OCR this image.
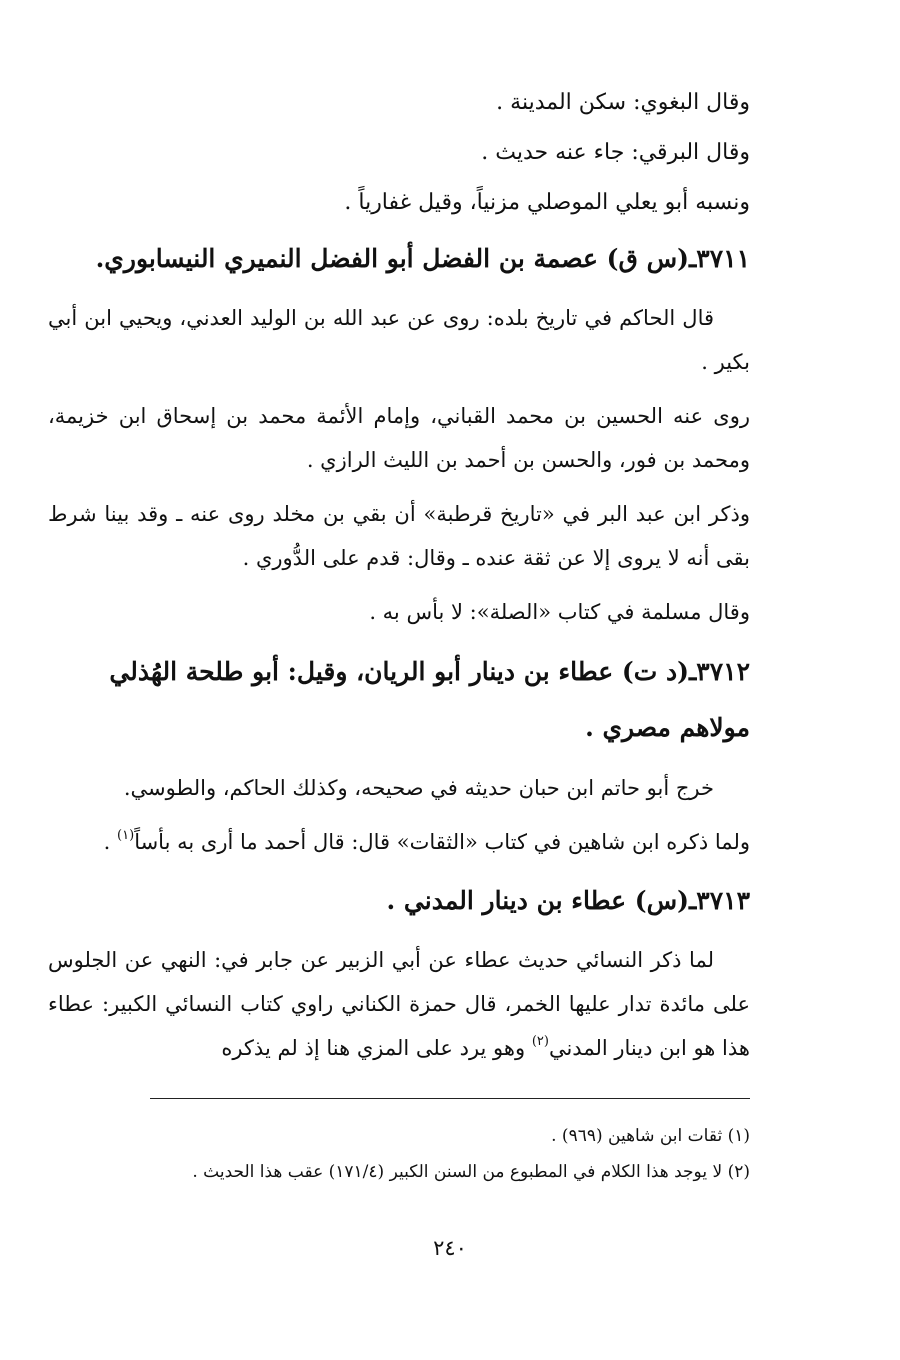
وقال البغوي: سكن المدينة .

وقال البرقي: جاء عنه حديث .

ونسبه أبو يعلي الموصلي مزنياً، وقيل غفارياً .

٣٧١١ـ(س ق) عصمة بن الفضل أبو الفضل النميري النيسابوري.

قال الحاكم في تاريخ بلده: روى عن عبد الله بن الوليد العدني، ويحيي ابن أبي بكير .

روى عنه الحسين بن محمد القباني، وإمام الأئمة محمد بن إسحاق ابن خزيمة، ومحمد بن فور، والحسن بن أحمد بن الليث الرازي .

وذكر ابن عبد البر في «تاريخ قرطبة» أن بقي بن مخلد روى عنه ـ وقد بينا شرط بقى أنه لا يروى إلا عن ثقة عنده ـ وقال: قدم على الدُّوري .

وقال مسلمة في كتاب «الصلة»: لا بأس به .

٣٧١٢ـ(د ت) عطاء بن دينار أبو الريان، وقيل: أبو طلحة الهُذلي مولاهم مصري .

خرج أبو حاتم ابن حبان حديثه في صحيحه، وكذلك الحاكم، والطوسي.

ولما ذكره ابن شاهين في كتاب «الثقات» قال: قال أحمد ما أرى به بأساً$^{(١)}$ .

٣٧١٣ـ(س) عطاء بن دينار المدني .

لما ذكر النسائي حديث عطاء عن أبي الزبير عن جابر في: النهي عن الجلوس على مائدة تدار عليها الخمر، قال حمزة الكناني راوي كتاب النسائي الكبير: عطاء هذا هو ابن دينار المدني$^{(٢)}$ وهو يرد على المزي هنا إذ لم يذكره

(١) ثقات ابن شاهين (٩٦٩) .

(٢) لا يوجد هذا الكلام في المطبوع من السنن الكبير (١٧١/٤) عقب هذا الحديث .

٢٤٠
